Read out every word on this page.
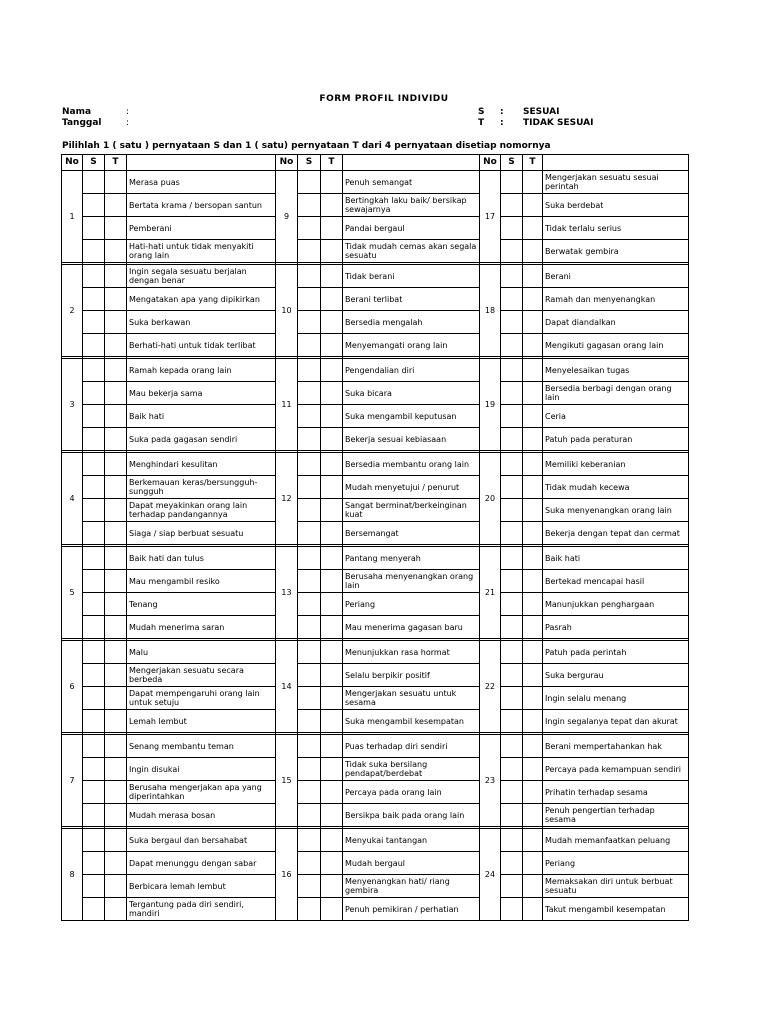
FORM PROFIL INDIVIDU
Nama	:
Tanggal	:
S : SESUAI
T : TIDAK SESUAI
Pilihlah 1 ( satu ) pernyataan S dan 1 ( satu) pernyataan T dari 4 pernyataan disetiap nomornya
No	S	T		No	S	T		No	S	T	
1			Merasa puas	9			Penuh semangat	17			Mengerjakan sesuatu sesuai perintah
			Bertata krama / bersopan santun				Bertingkah laku baik/ bersikap sewajarnya				Suka berdebat
			Pemberani				Pandai bergaul				Tidak terlalu serius
			Hati-hati untuk tidak menyakiti orang lain				Tidak mudah cemas akan segala sesuatu				Berwatak gembira

2			Ingin segala sesuatu berjalan dengan benar	10			Tidak berani	18			Berani
			Mengatakan apa yang dipikirkan				Berani terlibat				Ramah dan menyenangkan
			Suka berkawan				Bersedia mengalah				Dapat diandalkan
			Berhati-hati untuk tidak terlibat				Menyemangati orang lain				Mengikuti gagasan orang lain

3			Ramah kepada orang lain	11			Pengendalian diri	19			Menyelesaikan tugas
			Mau bekerja sama				Suka bicara				Bersedia berbagi dengan orang lain
			Baik hati				Suka mengambil keputusan				Ceria
			Suka pada gagasan sendiri				Bekerja sesuai kebiasaan				Patuh pada peraturan

4			Menghindari kesulitan	12			Bersedia membantu orang lain	20			Memiliki keberanian
			Berkemauan keras/bersungguh-sungguh				Mudah menyetujui / penurut				Tidak mudah kecewa
			Dapat meyakinkan orang lain terhadap pandangannya				Sangat berminat/berkeinginan kuat				Suka menyenangkan orang lain
			Siaga / siap berbuat sesuatu				Bersemangat				Bekerja dengan tepat dan cermat

5			Baik hati dan tulus	13			Pantang menyerah	21			Baik hati
			Mau mengambil resiko				Berusaha menyenangkan orang lain				Bertekad mencapai hasil
			Tenang				Periang				Manunjukkan penghargaan
			Mudah menerima saran				Mau menerima gagasan baru				Pasrah

6			Malu	14			Menunjukkan rasa hormat	22			Patuh pada perintah
			Mengerjakan sesuatu secara berbeda				Selalu berpikir positif				Suka bergurau
			Dapat mempengaruhi orang lain untuk setuju				Mengerjakan sesuatu untuk sesama				Ingin selalu menang
			Lemah lembut				Suka mengambil kesempatan				Ingin segalanya tepat dan akurat

7			Senang membantu teman	15			Puas terhadap diri sendiri	23			Berani mempertahankan hak
			Ingin disukai				Tidak suka bersilang pendapat/berdebat				Percaya pada kemampuan sendiri
			Berusaha mengerjakan apa yang diperintahkan				Percaya pada orang lain				Prihatin terhadap sesama
			Mudah merasa bosan				Bersikpa baik pada orang lain				Penuh pengertian terhadap sesama

8			Suka bergaul dan bersahabat	16			Menyukai tantangan	24			Mudah memanfaatkan peluang
			Dapat menunggu dengan sabar				Mudah bergaul				Periang
			Berbicara lemah lembut				Menyenangkan hati/ riang gembira				Memaksakan diri untuk berbuat sesuatu
			Tergantung pada diri sendiri, mandiri				Penuh pemikiran / perhatian				Takut mengambil kesempatan
